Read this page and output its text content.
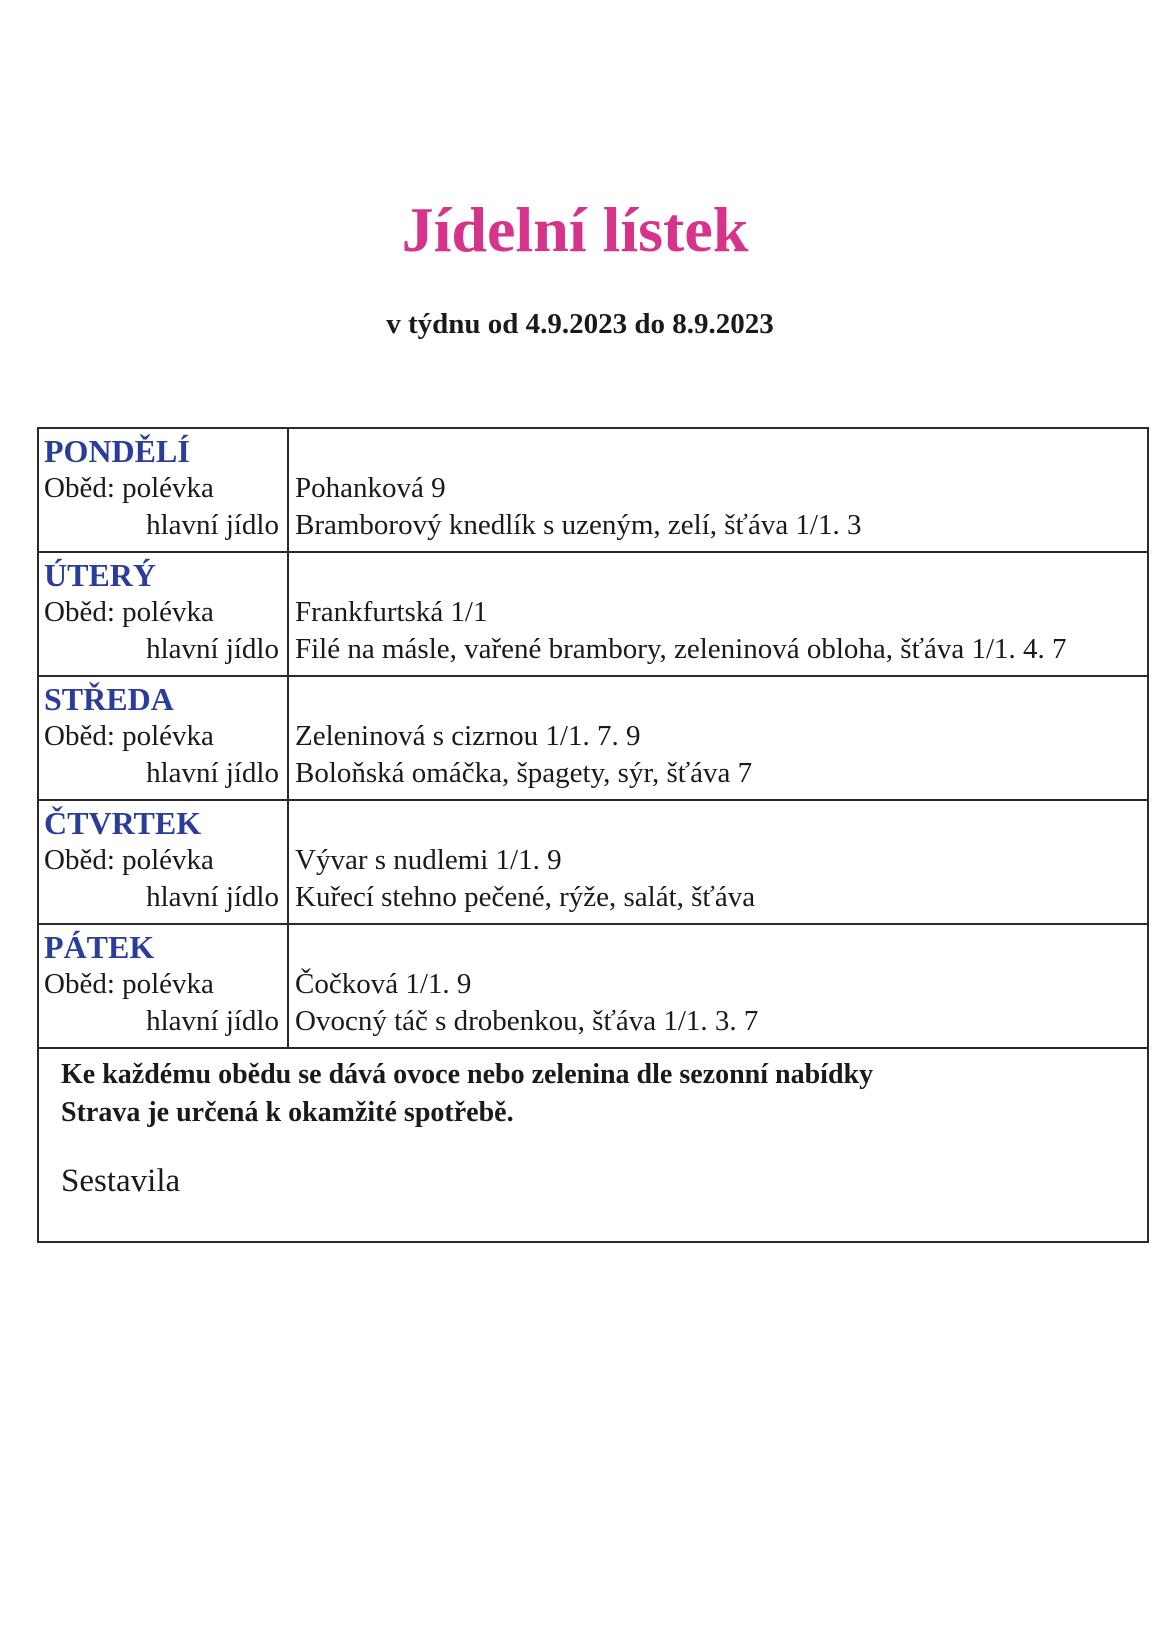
Jídelní lístek
v týdnu od 4.9.2023 do 8.9.2023
PONDĚLÍ
Oběd: polévka
hlavní jídlo
Pohanková 9
Bramborový knedlík s uzeným, zelí, šťáva 1/1. 3
ÚTERÝ
Oběd: polévka
hlavní jídlo
Frankfurtská 1/1
Filé na másle, vařené brambory, zeleninová obloha, šťáva 1/1. 4. 7
STŘEDA
Oběd: polévka
hlavní jídlo
Zeleninová s cizrnou 1/1. 7. 9
Boloňská omáčka, špagety, sýr, šťáva 7
ČTVRTEK
Oběd: polévka
hlavní jídlo
Vývar s nudlemi 1/1. 9
Kuřecí stehno pečené, rýže, salát, šťáva
PÁTEK
Oběd: polévka
hlavní jídlo
Čočková 1/1. 9
Ovocný táč s drobenkou, šťáva 1/1. 3. 7
Ke každému obědu se dává ovoce nebo zelenina dle sezonní nabídky
Strava je určená k okamžité spotřebě.
Sestavila
